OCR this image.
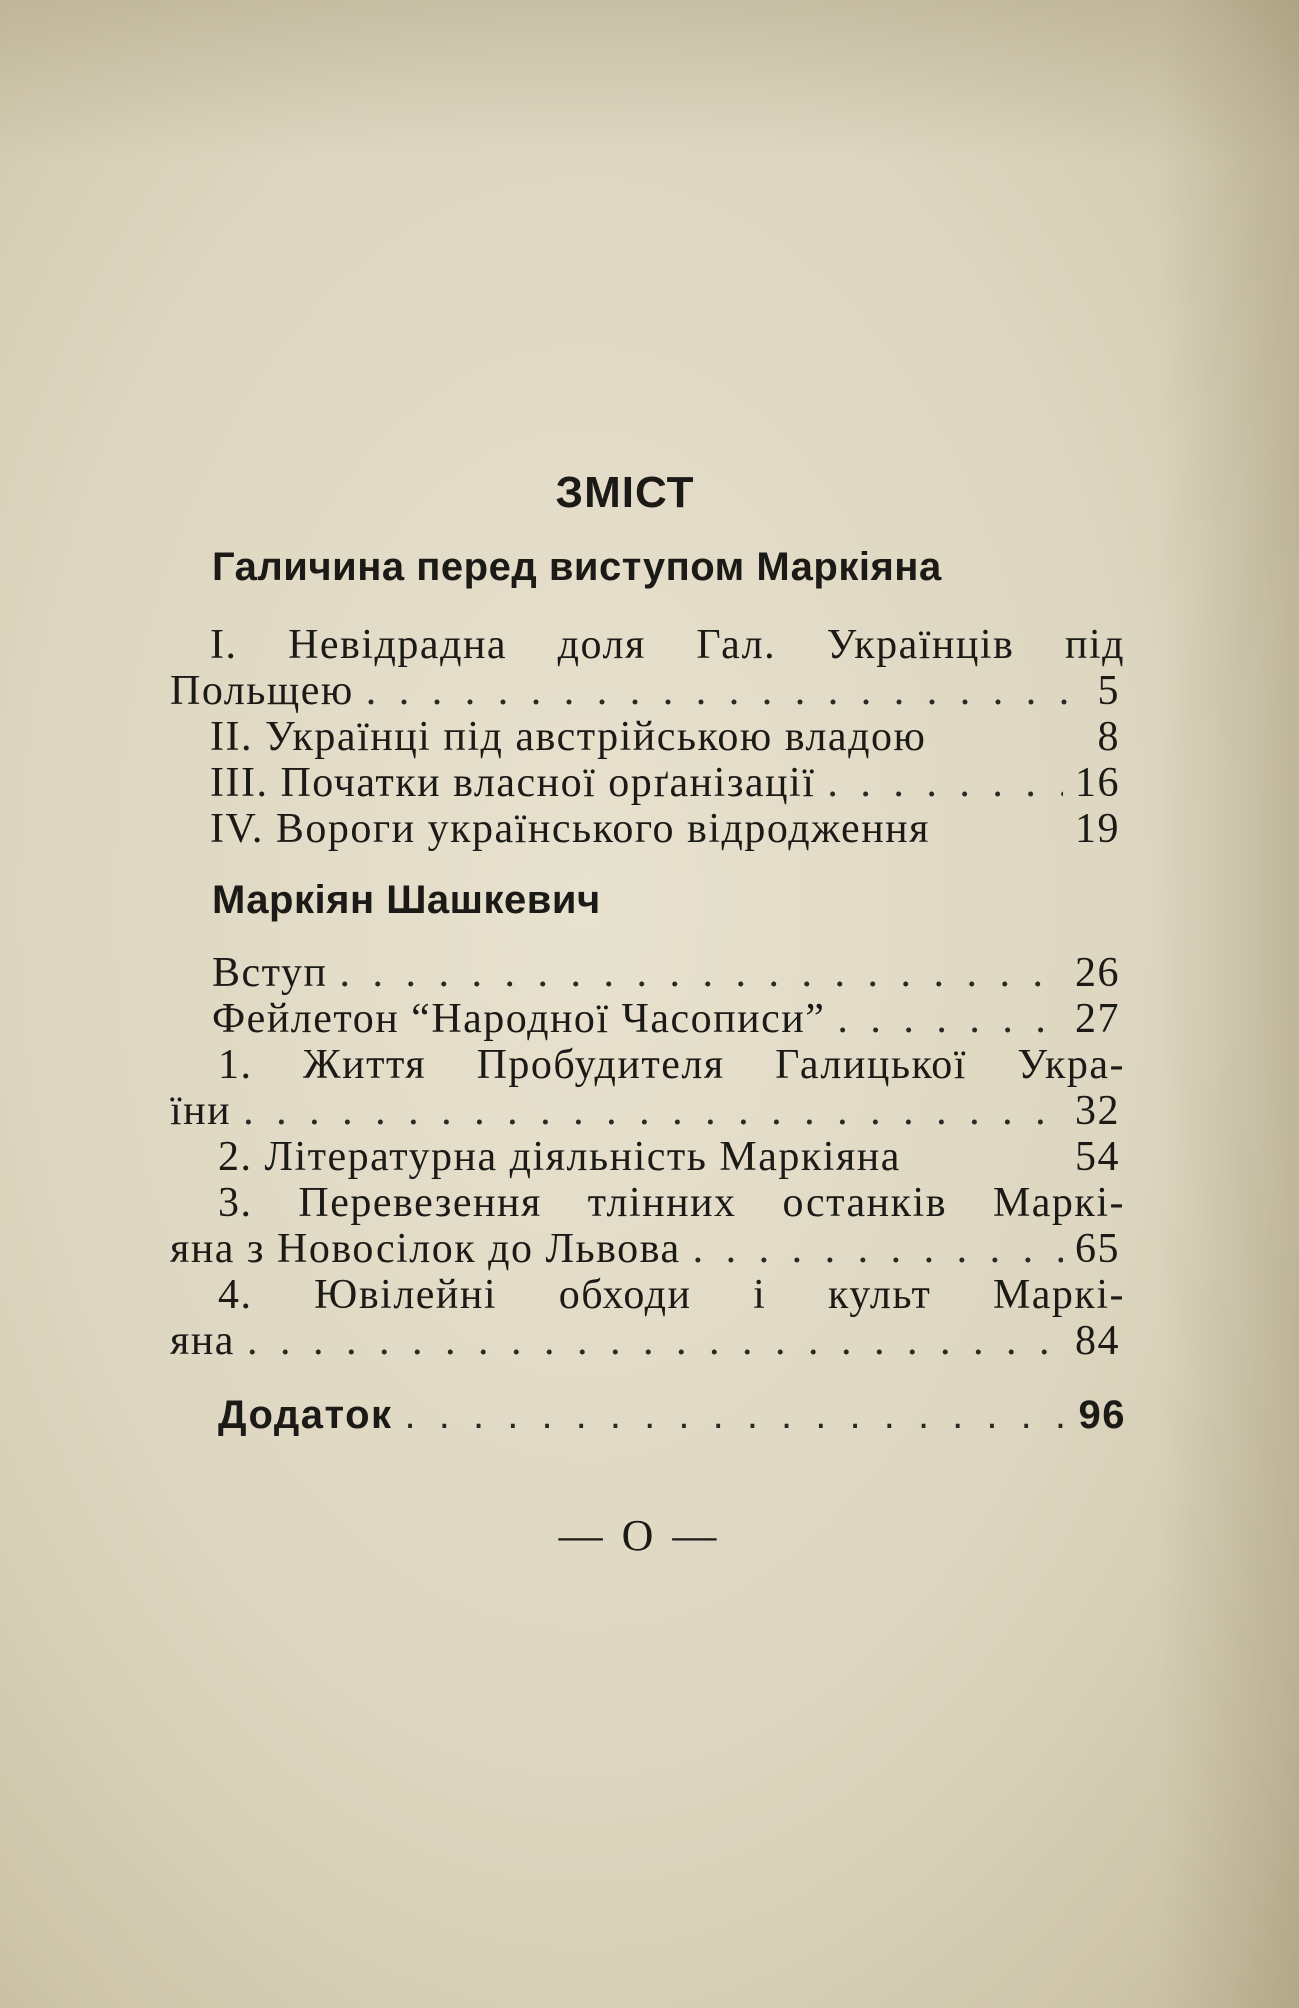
ЗМІСТ
Галичина перед виступом Маркіяна
І. Невідрадна доля Гал. Українців під
Польщею . . .	5
ІІ. Українці під австрійською владою	8
ІІІ. Початки власної орґанізації . . .	16
IV. Вороги українського відродження	19
Маркіян Шашкевич
Вступ . . .	26
Фейлетон “Народної Часописи” . . .	27
1. Життя Пробудителя Галицької Укра-
їни . . .	32
2. Літературна діяльність Маркіяна	54
3. Перевезення тлінних останків Маркі-
яна з Новосілок до Львова . . .	65
4. Ювілейні обходи і культ Маркі-
яна . . .	84
Додаток . . .	96
— О —
